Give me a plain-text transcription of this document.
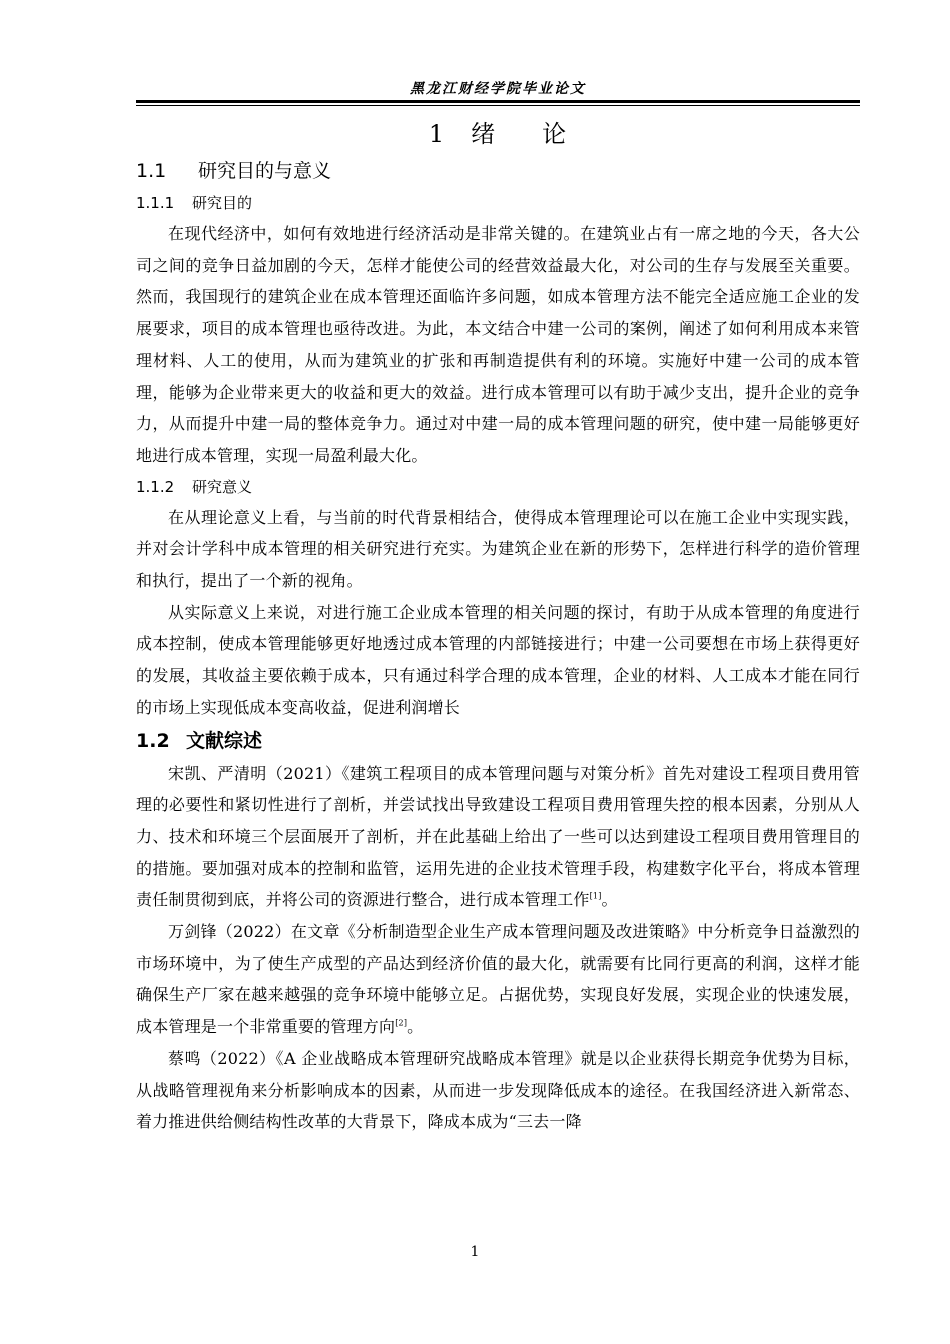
黑龙江财经学院毕业论文
1 绪 论
1.1 研究目的与意义
1.1.1 研究目的

在现代经济中，如何有效地进行经济活动是非常关键的。在建筑业占有一席之地的今天，各大公司之间的竞争日益加剧的今天，怎样才能使公司的经营效益最大化，对公司的生存与发展至关重要。然而，我国现行的建筑企业在成本管理还面临许多问题，如成本管理方法不能完全适应施工企业的发展要求，项目的成本管理也亟待改进。为此，本文结合中建一公司的案例，阐述了如何利用成本来管理材料、人工的使用，从而为建筑业的扩张和再制造提供有利的环境。实施好中建一公司的成本管理，能够为企业带来更大的收益和更大的效益。进行成本管理可以有助于减少支出，提升企业的竞争力，从而提升中建一局的整体竞争力。通过对中建一局的成本管理问题的研究，使中建一局能够更好地进行成本管理，实现一局盈利最大化。

1.1.2 研究意义

在从理论意义上看，与当前的时代背景相结合，使得成本管理理论可以在施工企业中实现实践，并对会计学科中成本管理的相关研究进行充实。为建筑企业在新的形势下，怎样进行科学的造价管理和执行，提出了一个新的视角。

从实际意义上来说，对进行施工企业成本管理的相关问题的探讨，有助于从成本管理的角度进行成本控制，使成本管理能够更好地透过成本管理的内部链接进行；中建一公司要想在市场上获得更好的发展，其收益主要依赖于成本，只有通过科学合理的成本管理，企业的材料、人工成本才能在同行的市场上实现低成本变高收益，促进利润增长

1.2 文献综述

宋凯、严清明（2021）《建筑工程项目的成本管理问题与对策分析》首先对建设工程项目费用管理的必要性和紧切性进行了剖析，并尝试找出导致建设工程项目费用管理失控的根本因素，分别从人力、技术和环境三个层面展开了剖析，并在此基础上给出了一些可以达到建设工程项目费用管理目的的措施。要加强对成本的控制和监管，运用先进的企业技术管理手段，构建数字化平台，将成本管理责任制贯彻到底，并将公司的资源进行整合，进行成本管理工作[1]。

万剑锋（2022）在文章《分析制造型企业生产成本管理问题及改进策略》中分析竞争日益激烈的市场环境中，为了使生产成型的产品达到经济价值的最大化，就需要有比同行更高的利润，这样才能确保生产厂家在越来越强的竞争环境中能够立足。占据优势，实现良好发展，实现企业的快速发展，成本管理是一个非常重要的管理方向[2]。

蔡鸣（2022）《A 企业战略成本管理研究战略成本管理》就是以企业获得长期竞争优势为目标，从战略管理视角来分析影响成本的因素，从而进一步发现降低成本的途径。在我国经济进入新常态、着力推进供给侧结构性改革的大背景下，降成本成为“三去一降

1
